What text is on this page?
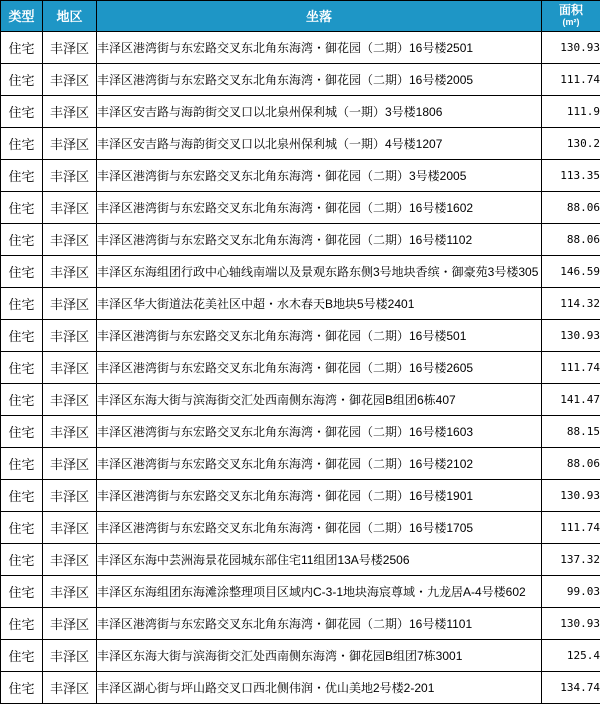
类型	地区	坐落	面积
(m²)

住宅	丰泽区	丰泽区港湾街与东宏路交叉东北角东海湾・御花园（二期）16号楼2501	130.93
住宅	丰泽区	丰泽区港湾街与东宏路交叉东北角东海湾・御花园（二期）16号楼2005	111.74
住宅	丰泽区	丰泽区安吉路与海韵街交叉口以北泉州保利城（一期）3号楼1806	111.9
住宅	丰泽区	丰泽区安吉路与海韵街交叉口以北泉州保利城（一期）4号楼1207	130.2
住宅	丰泽区	丰泽区港湾街与东宏路交叉东北角东海湾・御花园（二期）3号楼2005	113.35
住宅	丰泽区	丰泽区港湾街与东宏路交叉东北角东海湾・御花园（二期）16号楼1602	88.06
住宅	丰泽区	丰泽区港湾街与东宏路交叉东北角东海湾・御花园（二期）16号楼1102	88.06
住宅	丰泽区	丰泽区东海组团行政中心轴线南端以及景观东路东侧3号地块香缤・御豪苑3号楼305	146.59
住宅	丰泽区	丰泽区华大街道法花美社区中超・水木春天B地块5号楼2401	114.32
住宅	丰泽区	丰泽区港湾街与东宏路交叉东北角东海湾・御花园（二期）16号楼501	130.93
住宅	丰泽区	丰泽区港湾街与东宏路交叉东北角东海湾・御花园（二期）16号楼2605	111.74
住宅	丰泽区	丰泽区东海大街与滨海街交汇处西南侧东海湾・御花园B组团6栋407	141.47
住宅	丰泽区	丰泽区港湾街与东宏路交叉东北角东海湾・御花园（二期）16号楼1603	88.15
住宅	丰泽区	丰泽区港湾街与东宏路交叉东北角东海湾・御花园（二期）16号楼2102	88.06
住宅	丰泽区	丰泽区港湾街与东宏路交叉东北角东海湾・御花园（二期）16号楼1901	130.93
住宅	丰泽区	丰泽区港湾街与东宏路交叉东北角东海湾・御花园（二期）16号楼1705	111.74
住宅	丰泽区	丰泽区东海中芸洲海景花园城东部住宅11组团13A号楼2506	137.32
住宅	丰泽区	丰泽区东海组团东海滩涂整理项目区域内C-3-1地块海宸尊域・九龙居A-4号楼602	99.03
住宅	丰泽区	丰泽区港湾街与东宏路交叉东北角东海湾・御花园（二期）16号楼1101	130.93
住宅	丰泽区	丰泽区东海大街与滨海街交汇处西南侧东海湾・御花园B组团7栋3001	125.4
住宅	丰泽区	丰泽区湖心街与坪山路交叉口西北侧伟润・优山美地2号楼2-201	134.74
